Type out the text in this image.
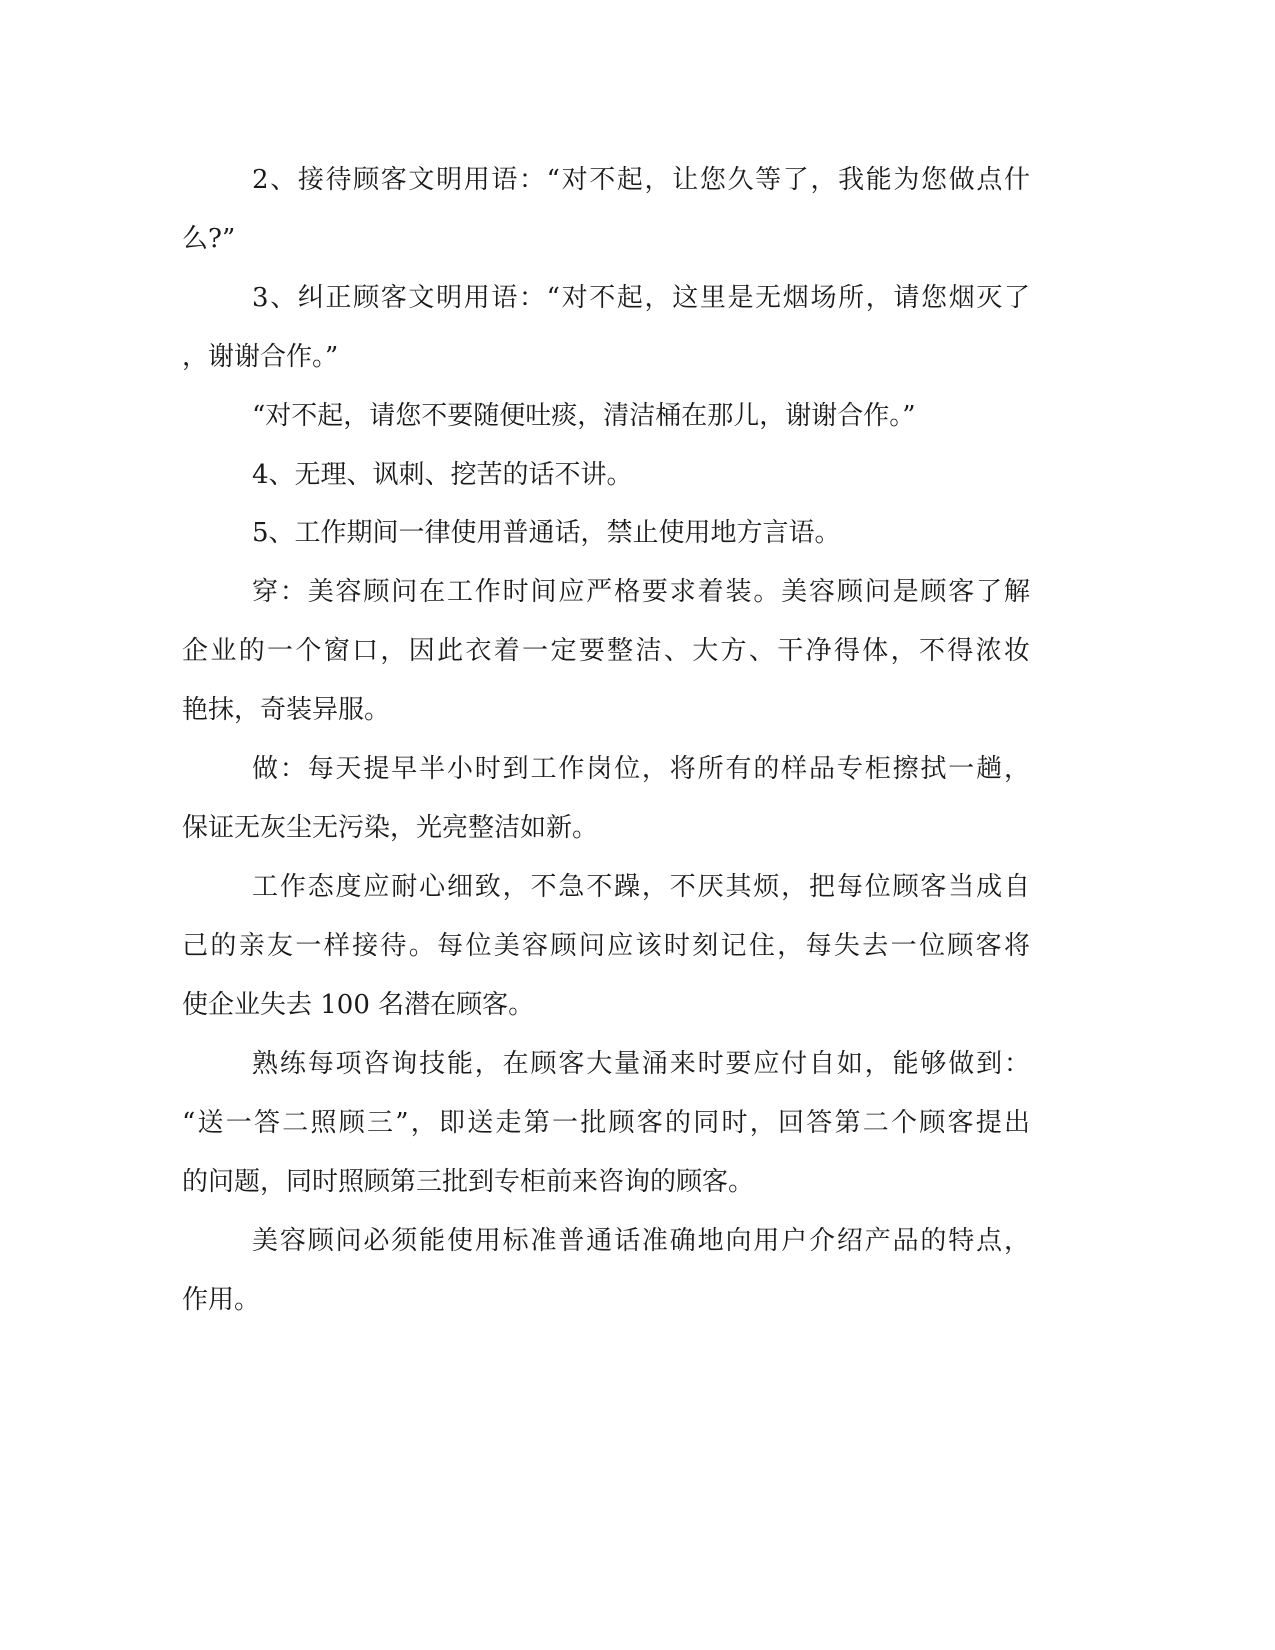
2、接待顾客文明用语：“对不起，让您久等了，我能为您做点什
么?”
3、纠正顾客文明用语：“对不起，这里是无烟场所，请您烟灭了
，谢谢合作。”
“对不起，请您不要随便吐痰，清洁桶在那儿，谢谢合作。”
4、无理、讽刺、挖苦的话不讲。
5、工作期间一律使用普通话，禁止使用地方言语。
穿：美容顾问在工作时间应严格要求着装。美容顾问是顾客了解
企业的一个窗口，因此衣着一定要整洁、大方、干净得体，不得浓妆
艳抹，奇装异服。
做：每天提早半小时到工作岗位，将所有的样品专柜擦拭一趟，
保证无灰尘无污染，光亮整洁如新。
工作态度应耐心细致，不急不躁，不厌其烦，把每位顾客当成自
己的亲友一样接待。每位美容顾问应该时刻记住，每失去一位顾客将
使企业失去 100 名潜在顾客。
熟练每项咨询技能，在顾客大量涌来时要应付自如，能够做到：
“送一答二照顾三”，即送走第一批顾客的同时，回答第二个顾客提出
的问题，同时照顾第三批到专柜前来咨询的顾客。
美容顾问必须能使用标准普通话准确地向用户介绍产品的特点，
作用。
